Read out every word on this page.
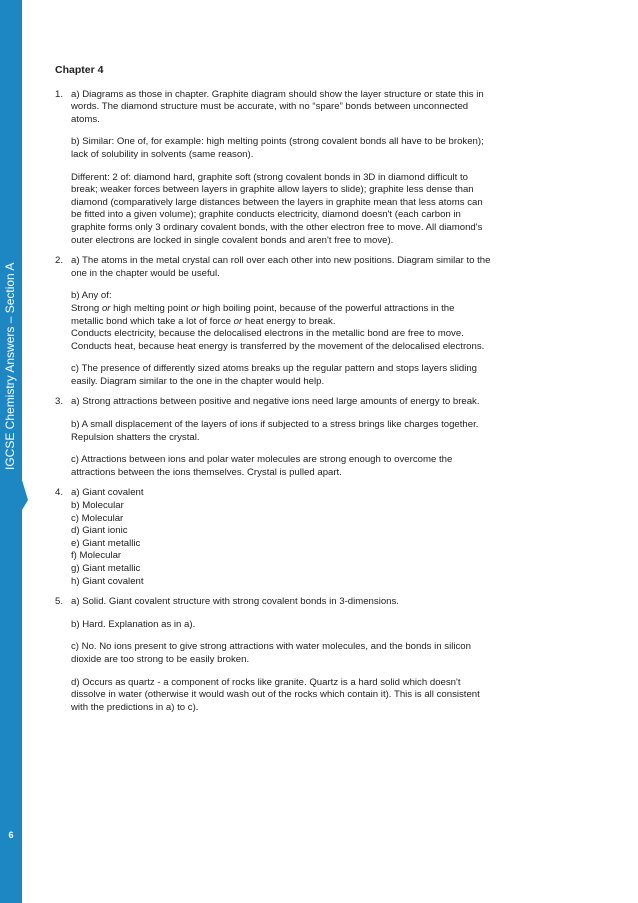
IGCSE Chemistry Answers – Section A
6
Chapter 4
1. a) Diagrams as those in chapter. Graphite diagram should show the layer structure or state this in
words. The diamond structure must be accurate, with no “spare” bonds between unconnected
atoms.
b) Similar: One of, for example: high melting points (strong covalent bonds all have to be broken);
lack of solubility in solvents (same reason).
Different: 2 of: diamond hard, graphite soft (strong covalent bonds in 3D in diamond difficult to
break; weaker forces between layers in graphite allow layers to slide); graphite less dense than
diamond (comparatively large distances between the layers in graphite mean that less atoms can
be fitted into a given volume); graphite conducts electricity, diamond doesn't (each carbon in
graphite forms only 3 ordinary covalent bonds, with the other electron free to move. All diamond's
outer electrons are locked in single covalent bonds and aren't free to move).
2. a) The atoms in the metal crystal can roll over each other into new positions. Diagram similar to the
one in the chapter would be useful.
b) Any of:
Strong or high melting point or high boiling point, because of the powerful attractions in the
metallic bond which take a lot of force or heat energy to break.
Conducts electricity, because the delocalised electrons in the metallic bond are free to move.
Conducts heat, because heat energy is transferred by the movement of the delocalised electrons.
c) The presence of differently sized atoms breaks up the regular pattern and stops layers sliding
easily. Diagram similar to the one in the chapter would help.
3. a) Strong attractions between positive and negative ions need large amounts of energy to break.
b) A small displacement of the layers of ions if subjected to a stress brings like charges together.
Repulsion shatters the crystal.
c) Attractions between ions and polar water molecules are strong enough to overcome the
attractions between the ions themselves. Crystal is pulled apart.
4. a) Giant covalent
b) Molecular
c) Molecular
d) Giant ionic
e) Giant metallic
f) Molecular
g) Giant metallic
h) Giant covalent
5. a) Solid. Giant covalent structure with strong covalent bonds in 3-dimensions.
b) Hard. Explanation as in a).
c) No. No ions present to give strong attractions with water molecules, and the bonds in silicon
dioxide are too strong to be easily broken.
d) Occurs as quartz - a component of rocks like granite. Quartz is a hard solid which doesn't
dissolve in water (otherwise it would wash out of the rocks which contain it). This is all consistent
with the predictions in a) to c).
